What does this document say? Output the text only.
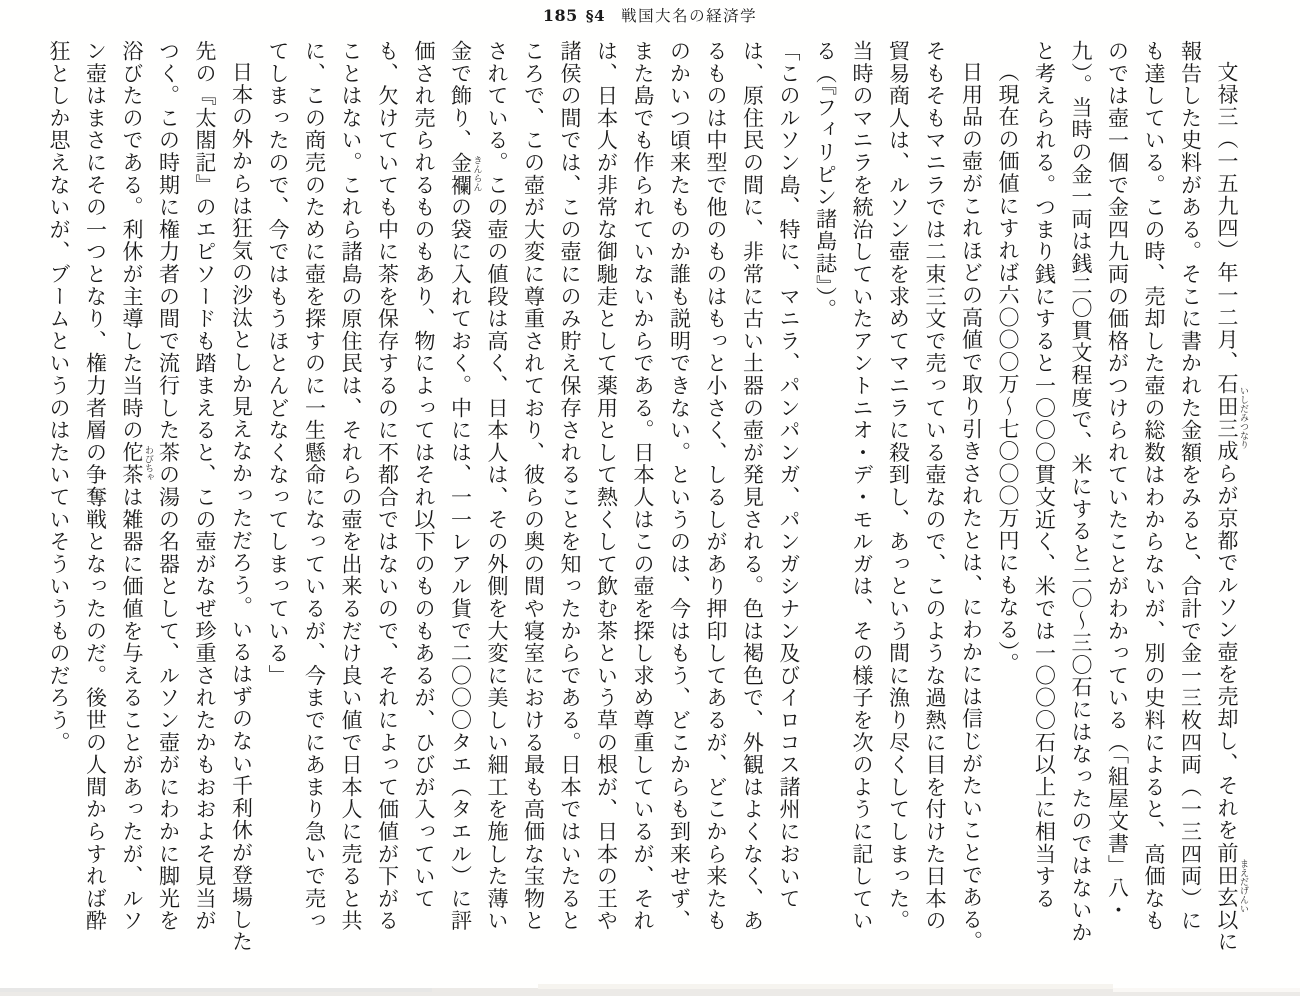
185 §4 戦国大名の経済学

文禄三（一五九四）年一二月、石田三成 いしだみつなりらが京都でルソン壺を売却し、それを前田玄以 まえだげんいに報告した史料がある。そこに書かれた金額をみると、合計で金一三枚四両（一三四両）にも達している。この時、売却した壺の総数はわからないが、別の史料によると、高価なものでは壺一個で金四九両の価格がつけられていたことがわかっている（「組屋文書」八・九）。当時の金一両は銭二〇貫文程度で、米にすると二〇～三〇石にはなったのではないかと考えられる。つまり銭にすると一〇〇〇貫文近く、米では一〇〇〇石以上に相当する

（現在の価値にすれば六〇〇〇万～七〇〇〇万円にもなる）。

日用品の壺がこれほどの高値で取り引きされたとは、にわかには信じがたいことである。そもそもマニラでは二束三文で売っている壺なので、このような過熱に目を付けた日本の貿易商人は、ルソン壺を求めてマニラに殺到し、あっという間に漁り尽くしてしまった。当時のマニラを統治していたアントニオ・デ・モルガは、その様子を次のように記している（『フィリピン諸島誌』）。

「このルソン島、特に、マニラ、パンパンガ、パンガシナン及びイロコス諸州においては、原住民の間に、非常に古い土器の壺が発見される。色は褐色で、外観はよくなく、あるものは中型で他のものはもっと小さく、しるしがあり押印してあるが、どこから来たものかいつ頃来たものか誰も説明できない。というのは、今はもう、どこからも到来せず、また島でも作られていないからである。日本人はこの壺を探し求め尊重しているが、それは、日本人が非常な御馳走として薬用として熱くして飲む茶という草の根が、日本の王や諸侯の間では、この壺にのみ貯え保存されることを知ったからである。日本ではいたるところで、この壺が大変に尊重されており、彼らの奥の間や寝室における最も高価な宝物とされている。この壺の値段は高く、日本人は、その外側を大変に美しい細工を施した薄い金で飾り、金襴 きんらんの袋に入れておく。中には、一一レアル貨で二〇〇〇タエ（タエル）に評価され売られるものもあり、物によってはそれ以下のものもあるが、ひびが入っていても、欠けていても中に茶を保存するのに不都合ではないので、それによって価値が下がることはない。これら諸島の原住民は、それらの壺を出来るだけ良い値で日本人に売ると共に、この商売のために壺を探すのに一生懸命になっているが、今までにあまり急いで売ってしまったので、今ではもうほとんどなくなってしまっている」

日本の外からは狂気の沙汰としか見えなかっただろう。いるはずのない千利休が登場した先の『太閤記』のエピソードも踏まえると、この壺がなぜ珍重されたかもおおよそ見当がつく。この時期に権力者の間で流行した茶の湯の名器として、ルソン壺がにわかに脚光を浴びたのである。利休が主導した当時の佗茶 わびちゃは雑器に価値を与えることがあったが、ルソン壺はまさにその一つとなり、権力者層の争奪戦となったのだ。後世の人間からすれば酔狂としか思えないが、ブームというのはたいていそういうものだろう。
